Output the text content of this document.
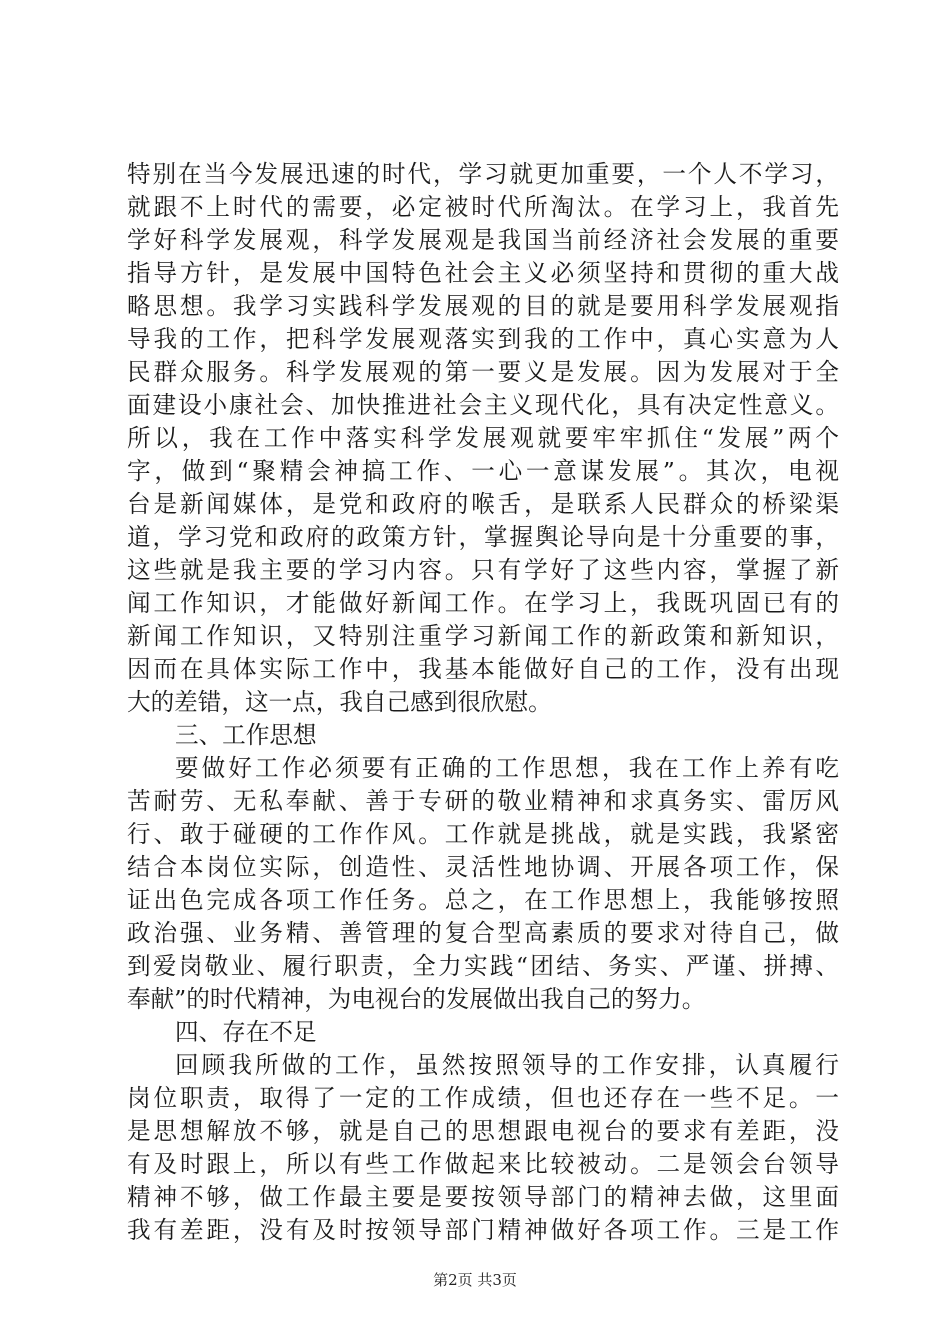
特别在当今发展迅速的时代，学习就更加重要，一个人不学习，
就跟不上时代的需要，必定被时代所淘汰。在学习上，我首先
学好科学发展观，科学发展观是我国当前经济社会发展的重要
指导方针，是发展中国特色社会主义必须坚持和贯彻的重大战
略思想。我学习实践科学发展观的目的就是要用科学发展观指
导我的工作，把科学发展观落实到我的工作中，真心实意为人
民群众服务。科学发展观的第一要义是发展。因为发展对于全
面建设小康社会、加快推进社会主义现代化，具有决定性意义。
所以，我在工作中落实科学发展观就要牢牢抓住“发展”两个
字，做到“聚精会神搞工作、一心一意谋发展”。其次，电视
台是新闻媒体，是党和政府的喉舌，是联系人民群众的桥梁渠
道，学习党和政府的政策方针，掌握舆论导向是十分重要的事，
这些就是我主要的学习内容。只有学好了这些内容，掌握了新
闻工作知识，才能做好新闻工作。在学习上，我既巩固已有的
新闻工作知识，又特别注重学习新闻工作的新政策和新知识，
因而在具体实际工作中，我基本能做好自己的工作，没有出现
大的差错，这一点，我自己感到很欣慰。
三、工作思想
要做好工作必须要有正确的工作思想，我在工作上养有吃
苦耐劳、无私奉献、善于专研的敬业精神和求真务实、雷厉风
行、敢于碰硬的工作作风。工作就是挑战，就是实践，我紧密
结合本岗位实际，创造性、灵活性地协调、开展各项工作，保
证出色完成各项工作任务。总之，在工作思想上，我能够按照
政治强、业务精、善管理的复合型高素质的要求对待自己，做
到爱岗敬业、履行职责，全力实践“团结、务实、严谨、拼搏、
奉献”的时代精神，为电视台的发展做出我自己的努力。
四、存在不足
回顾我所做的工作，虽然按照领导的工作安排，认真履行
岗位职责，取得了一定的工作成绩，但也还存在一些不足。一
是思想解放不够，就是自己的思想跟电视台的要求有差距，没
有及时跟上，所以有些工作做起来比较被动。二是领会台领导
精神不够，做工作最主要是要按领导部门的精神去做，这里面
我有差距，没有及时按领导部门精神做好各项工作。三是工作
第2页 共3页
